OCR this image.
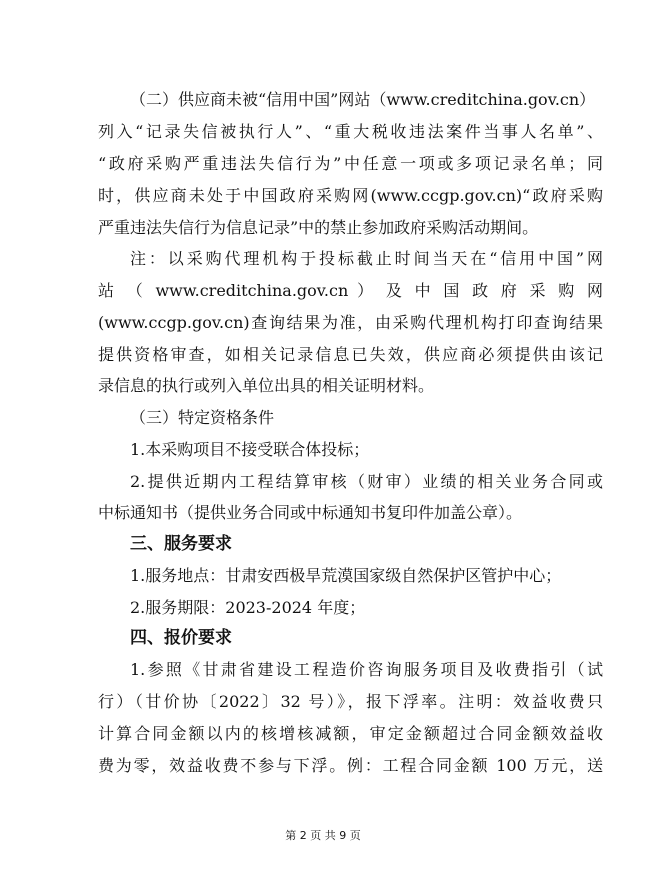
（二）供应商未被“信用中国”网站（www.creditchina.gov.cn）
列入“记录失信被执行人”、“重大税收违法案件当事人名单”、
“政府采购严重违法失信行为”中任意一项或多项记录名单；同
时，供应商未处于中国政府采购网(www.ccgp.gov.cn)“政府采购
严重违法失信行为信息记录”中的禁止参加政府采购活动期间。
注：以采购代理机构于投标截止时间当天在“信用中国”网
站 （ www.creditchina.gov.cn ） 及 中 国 政 府 采 购 网
(www.ccgp.gov.cn)查询结果为准，由采购代理机构打印查询结果
提供资格审查，如相关记录信息已失效，供应商必须提供由该记
录信息的执行或列入单位出具的相关证明材料。
（三）特定资格条件
1.本采购项目不接受联合体投标；
2.提供近期内工程结算审核（财审）业绩的相关业务合同或
中标通知书（提供业务合同或中标通知书复印件加盖公章）。
三、服务要求
1.服务地点：甘肃安西极旱荒漠国家级自然保护区管护中心；
2.服务期限：2023-2024 年度；
四、报价要求
1.参照《甘肃省建设工程造价咨询服务项目及收费指引（试
行）（甘价协〔2022〕32 号）》，报下浮率。注明：效益收费只
计算合同金额以内的核增核减额，审定金额超过合同金额效益收
费为零，效益收费不参与下浮。例：工程合同金额 100 万元，送
第 2 页 共 9 页
